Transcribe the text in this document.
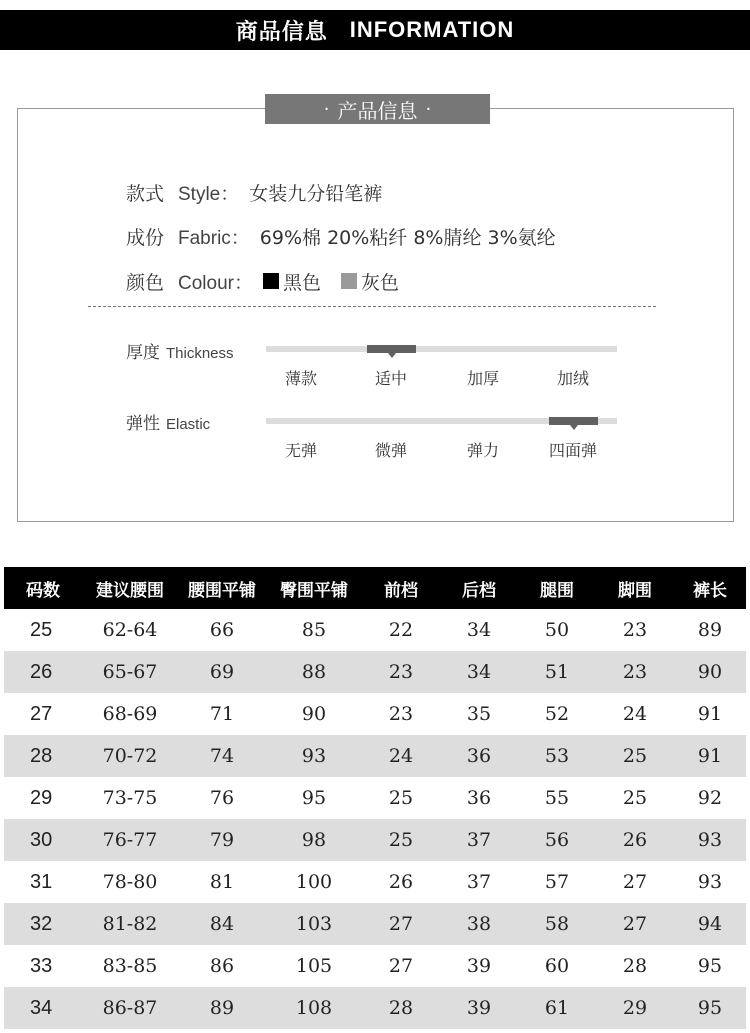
商品信息 INFORMATION
· 产品信息 ·
款式 Style： 女装九分铅笔裤
成份 Fabric： 69%棉 20%粘纤 8%腈纶 3%氨纶
颜色 Colour： 黑色
灰色
厚度 Thickness
薄款	适中	加厚	加绒
弹性 Elastic
无弹	微弹	弹力	四面弹
码数	建议腰围	腰围平铺	臀围平铺	前档	后档	腿围	脚围	裤长
25	62-64	66	85	22	34	50	23	89
26	65-67	69	88	23	34	51	23	90
27	68-69	71	90	23	35	52	24	91
28	70-72	74	93	24	36	53	25	91
29	73-75	76	95	25	36	55	25	92
30	76-77	79	98	25	37	56	26	93
31	78-80	81	100	26	37	57	27	93
32	81-82	84	103	27	38	58	27	94
33	83-85	86	105	27	39	60	28	95
34	86-87	89	108	28	39	61	29	95
